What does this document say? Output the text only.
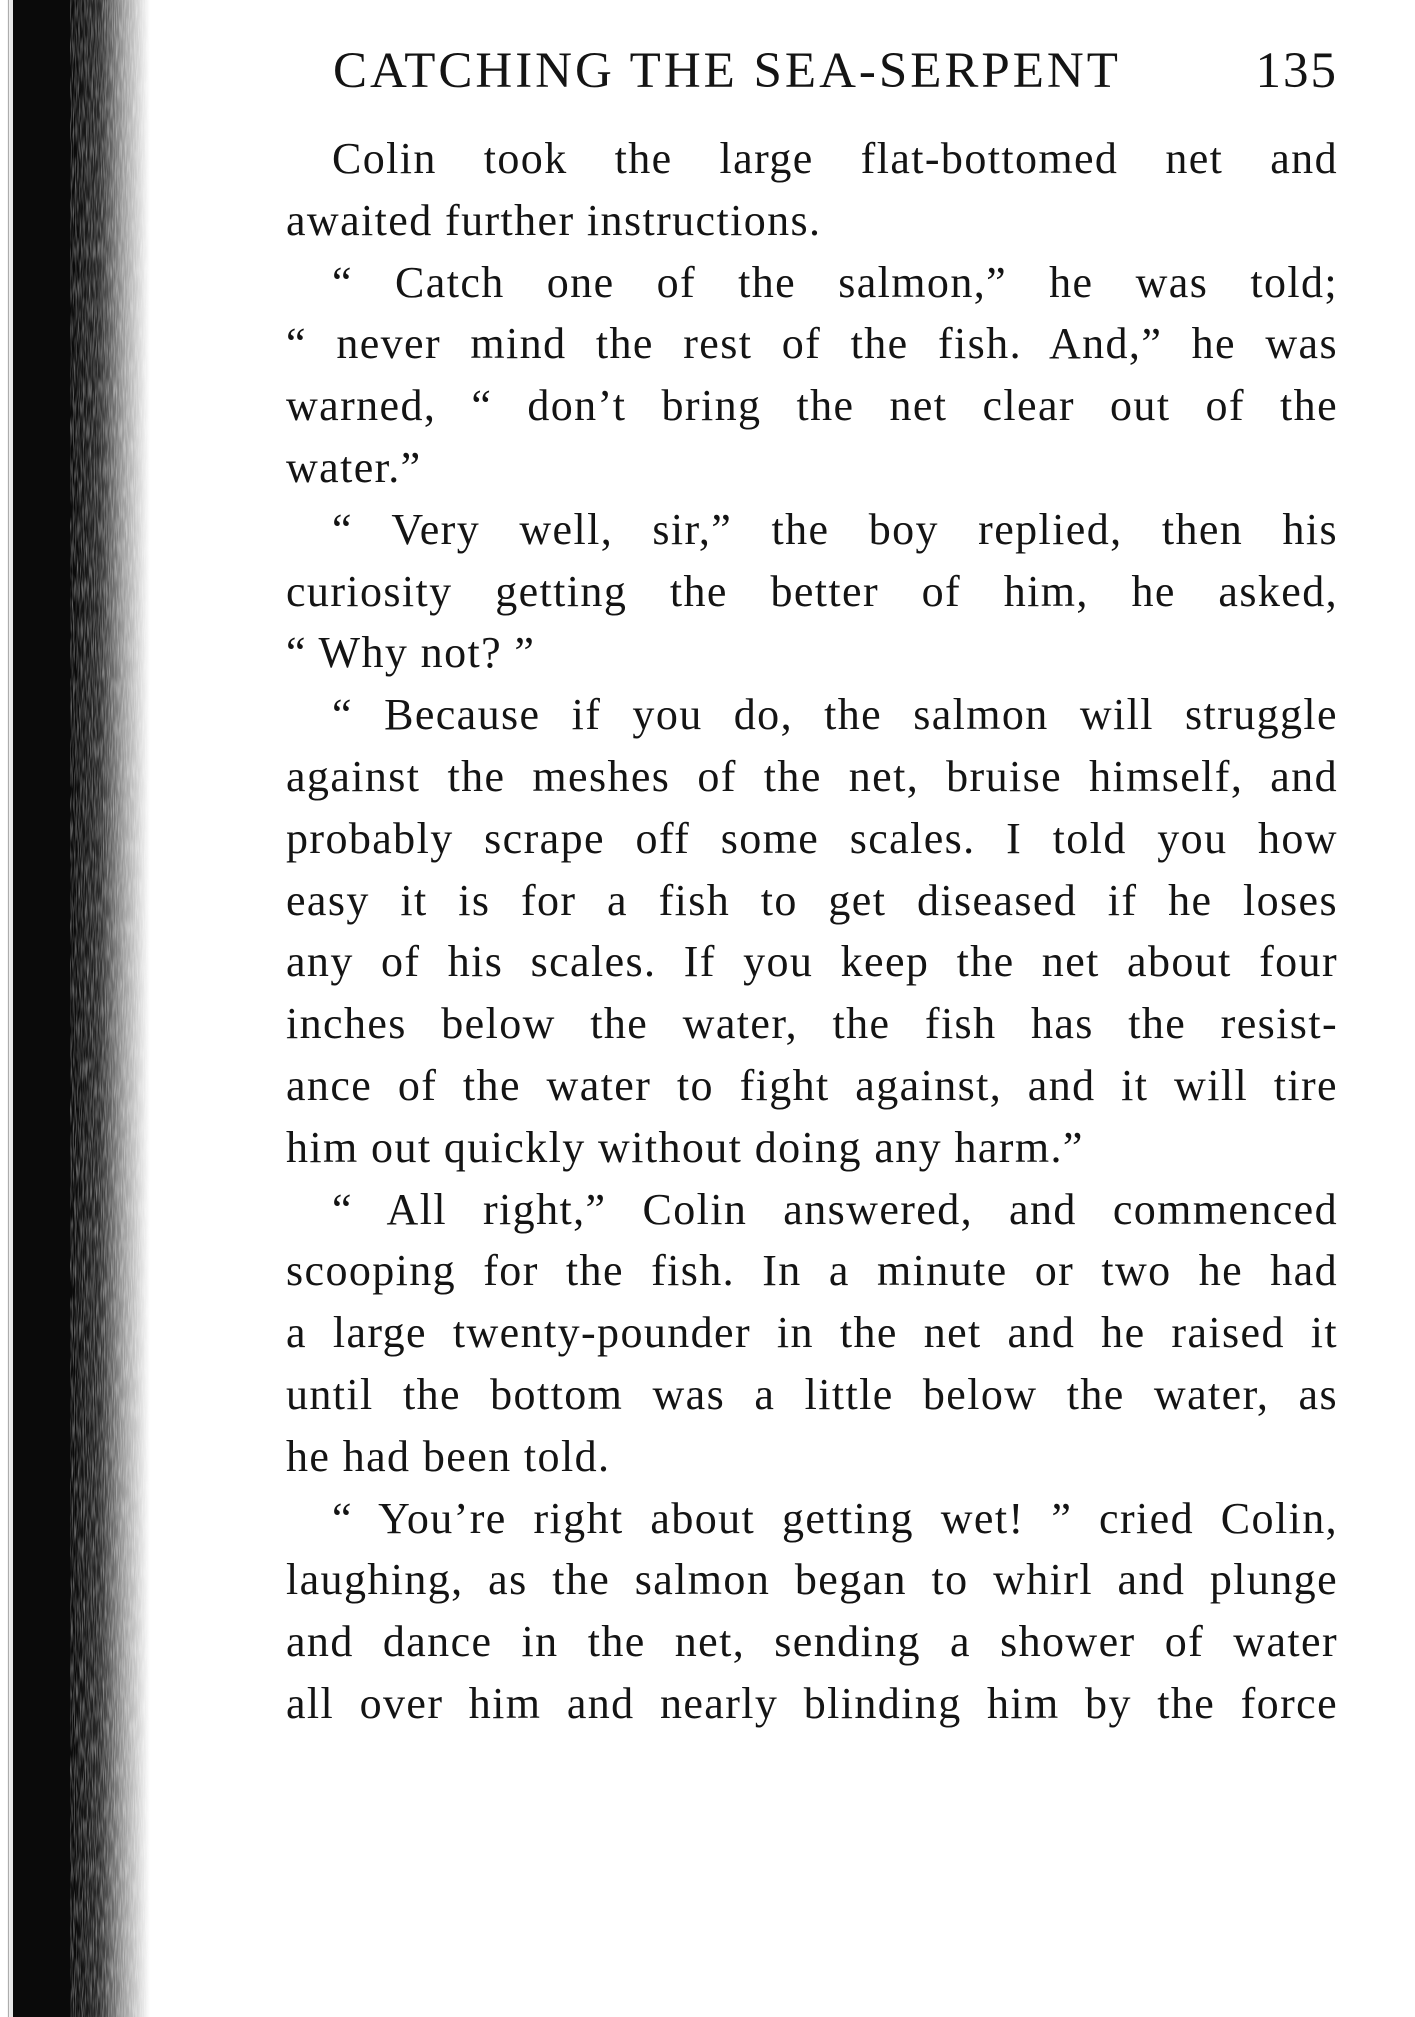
CATCHING THE SEA-SERPENT	135
Colin took the large flat-bottomed net and
awaited further instructions.
“ Catch one of the salmon,” he was told;
“ never mind the rest of the fish. And,” he was
warned, “ don’t bring the net clear out of the
water.”
“ Very well, sir,” the boy replied, then his
curiosity getting the better of him, he asked,
“ Why not? ”
“ Because if you do, the salmon will struggle
against the meshes of the net, bruise himself, and
probably scrape off some scales. I told you how
easy it is for a fish to get diseased if he loses
any of his scales. If you keep the net about four
inches below the water, the fish has the resist-
ance of the water to fight against, and it will tire
him out quickly without doing any harm.”
“ All right,” Colin answered, and commenced
scooping for the fish. In a minute or two he had
a large twenty-pounder in the net and he raised it
until the bottom was a little below the water, as
he had been told.
“ You’re right about getting wet! ” cried Colin,
laughing, as the salmon began to whirl and plunge
and dance in the net, sending a shower of water
all over him and nearly blinding him by the force
